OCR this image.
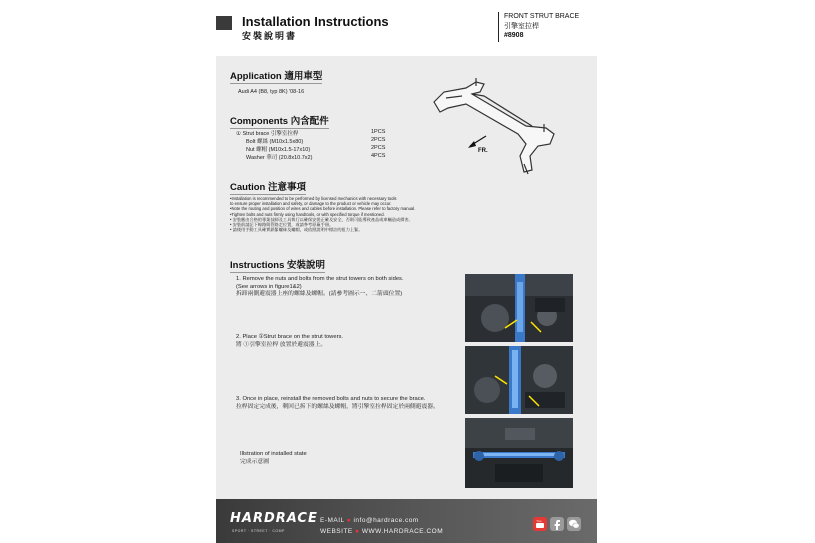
Installation Instructions
安裝說明書
FRONT STRUT BRACE
引擎室拉桿
#8908
Application 適用車型
Audi A4 (B8, typ 8K) '08-16
Components 內含配件
① Strut brace 引擎室拉桿	1PCS
Bolt 螺絲 (M10x1.5x80)	2PCS
Nut 螺帽 (M10x1.5-17x10)	2PCS
Washer 華司 (20.8x10.7x2)	4PCS
FR.
Caution 注意事項
•Installation is recommended to be performed by licensed mechanics with necessary tools
to ensure proper installation and safety, or damage to the product or vehicle may occur.
•Note the routing and position of wires and cables before installation. Please refer to factory manual.
•Tighten bolts and nuts firmly using handtools, or with specified torque if mentioned.
• 安裝應由合格的專業技師及工具執行以確保安裝正確及安全，否則可能導致產品或車輛造成損害。
• 安裝前請記下線路與管路走位置，或請參考原廠手冊。
• 請使用手動工具確實鎖緊螺絲及螺帽，或依照說明中標註的扭力上緊。
Instructions 安裝說明
1. Remove the nuts and bolts from the strut towers on both sides.
(See arrows in figure1&2)
拆卸兩側避震器上座的螺絲及螺帽。(請參考圖示一、二箭頭位置)
2. Place ①Strut brace on the strut towers.
將 ①引擎室拉桿 放置於避震器上。
3. Once in place, reinstall the removed bolts and nuts to secure the brace.
拉桿固定完成後，剩回已拆下的螺絲及螺帽，將引擎室拉桿固定於兩側避震器。
Illstration of installed state
完成示意圖
HARDRACE
SPORT · STREET · COMP
E-MAIL ● info@hardrace.com
WEBSITE ● WWW.HARDRACE.COM
You
